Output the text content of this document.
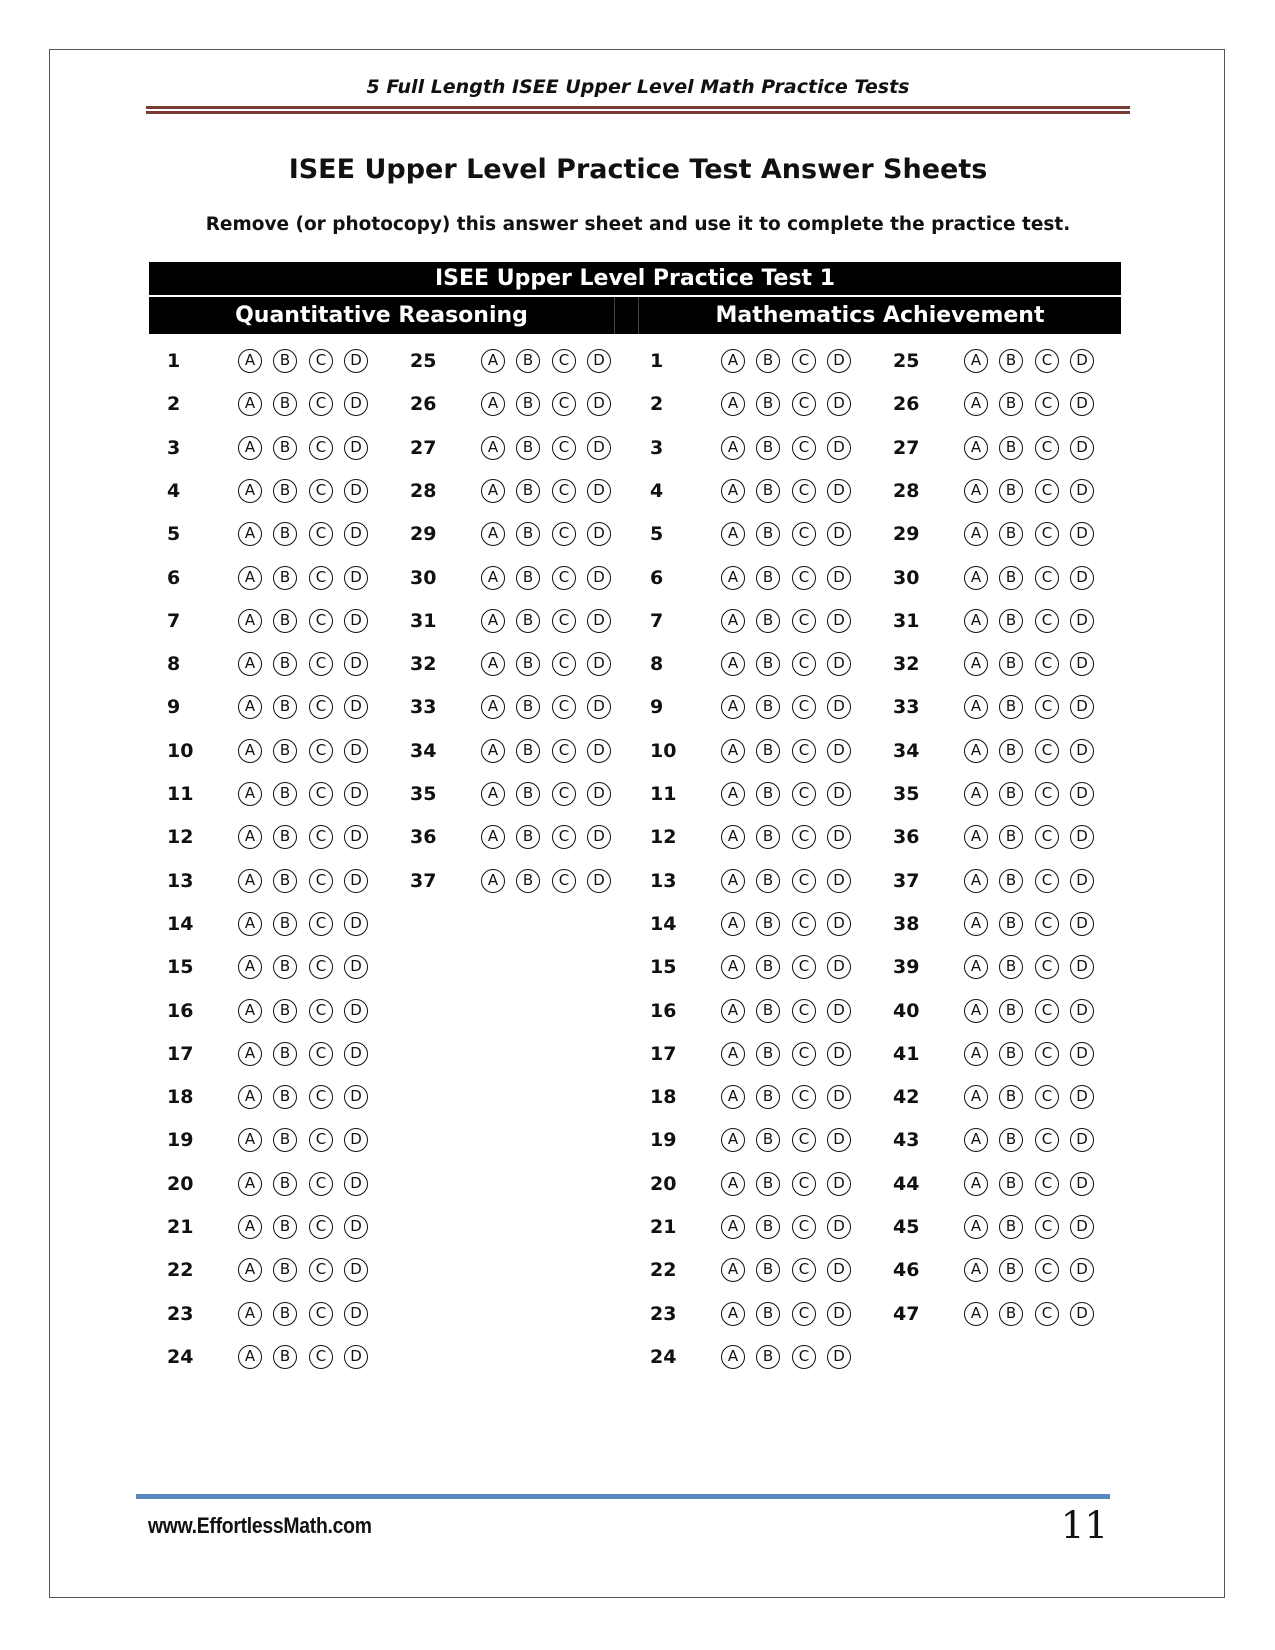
5 Full Length ISEE Upper Level Math Practice Tests
ISEE Upper Level Practice Test Answer Sheets
Remove (or photocopy) this answer sheet and use it to complete the practice test.
ISEE Upper Level Practice Test 1
Quantitative Reasoning	Mathematics Achievement
1	A	B	C	D
2	A	B	C	D
3	A	B	C	D
4	A	B	C	D
5	A	B	C	D
6	A	B	C	D
7	A	B	C	D
8	A	B	C	D
9	A	B	C	D
10	A	B	C	D
11	A	B	C	D
12	A	B	C	D
13	A	B	C	D
14	A	B	C	D
15	A	B	C	D
16	A	B	C	D
17	A	B	C	D
18	A	B	C	D
19	A	B	C	D
20	A	B	C	D
21	A	B	C	D
22	A	B	C	D
23	A	B	C	D
24	A	B	C	D
25	A	B	C	D
26	A	B	C	D
27	A	B	C	D
28	A	B	C	D
29	A	B	C	D
30	A	B	C	D
31	A	B	C	D
32	A	B	C	D
33	A	B	C	D
34	A	B	C	D
35	A	B	C	D
36	A	B	C	D
37	A	B	C	D
1	A	B	C	D
2	A	B	C	D
3	A	B	C	D
4	A	B	C	D
5	A	B	C	D
6	A	B	C	D
7	A	B	C	D
8	A	B	C	D
9	A	B	C	D
10	A	B	C	D
11	A	B	C	D
12	A	B	C	D
13	A	B	C	D
14	A	B	C	D
15	A	B	C	D
16	A	B	C	D
17	A	B	C	D
18	A	B	C	D
19	A	B	C	D
20	A	B	C	D
21	A	B	C	D
22	A	B	C	D
23	A	B	C	D
24	A	B	C	D
25	A	B	C	D
26	A	B	C	D
27	A	B	C	D
28	A	B	C	D
29	A	B	C	D
30	A	B	C	D
31	A	B	C	D
32	A	B	C	D
33	A	B	C	D
34	A	B	C	D
35	A	B	C	D
36	A	B	C	D
37	A	B	C	D
38	A	B	C	D
39	A	B	C	D
40	A	B	C	D
41	A	B	C	D
42	A	B	C	D
43	A	B	C	D
44	A	B	C	D
45	A	B	C	D
46	A	B	C	D
47	A	B	C	D
www.EffortlessMath.com	11
